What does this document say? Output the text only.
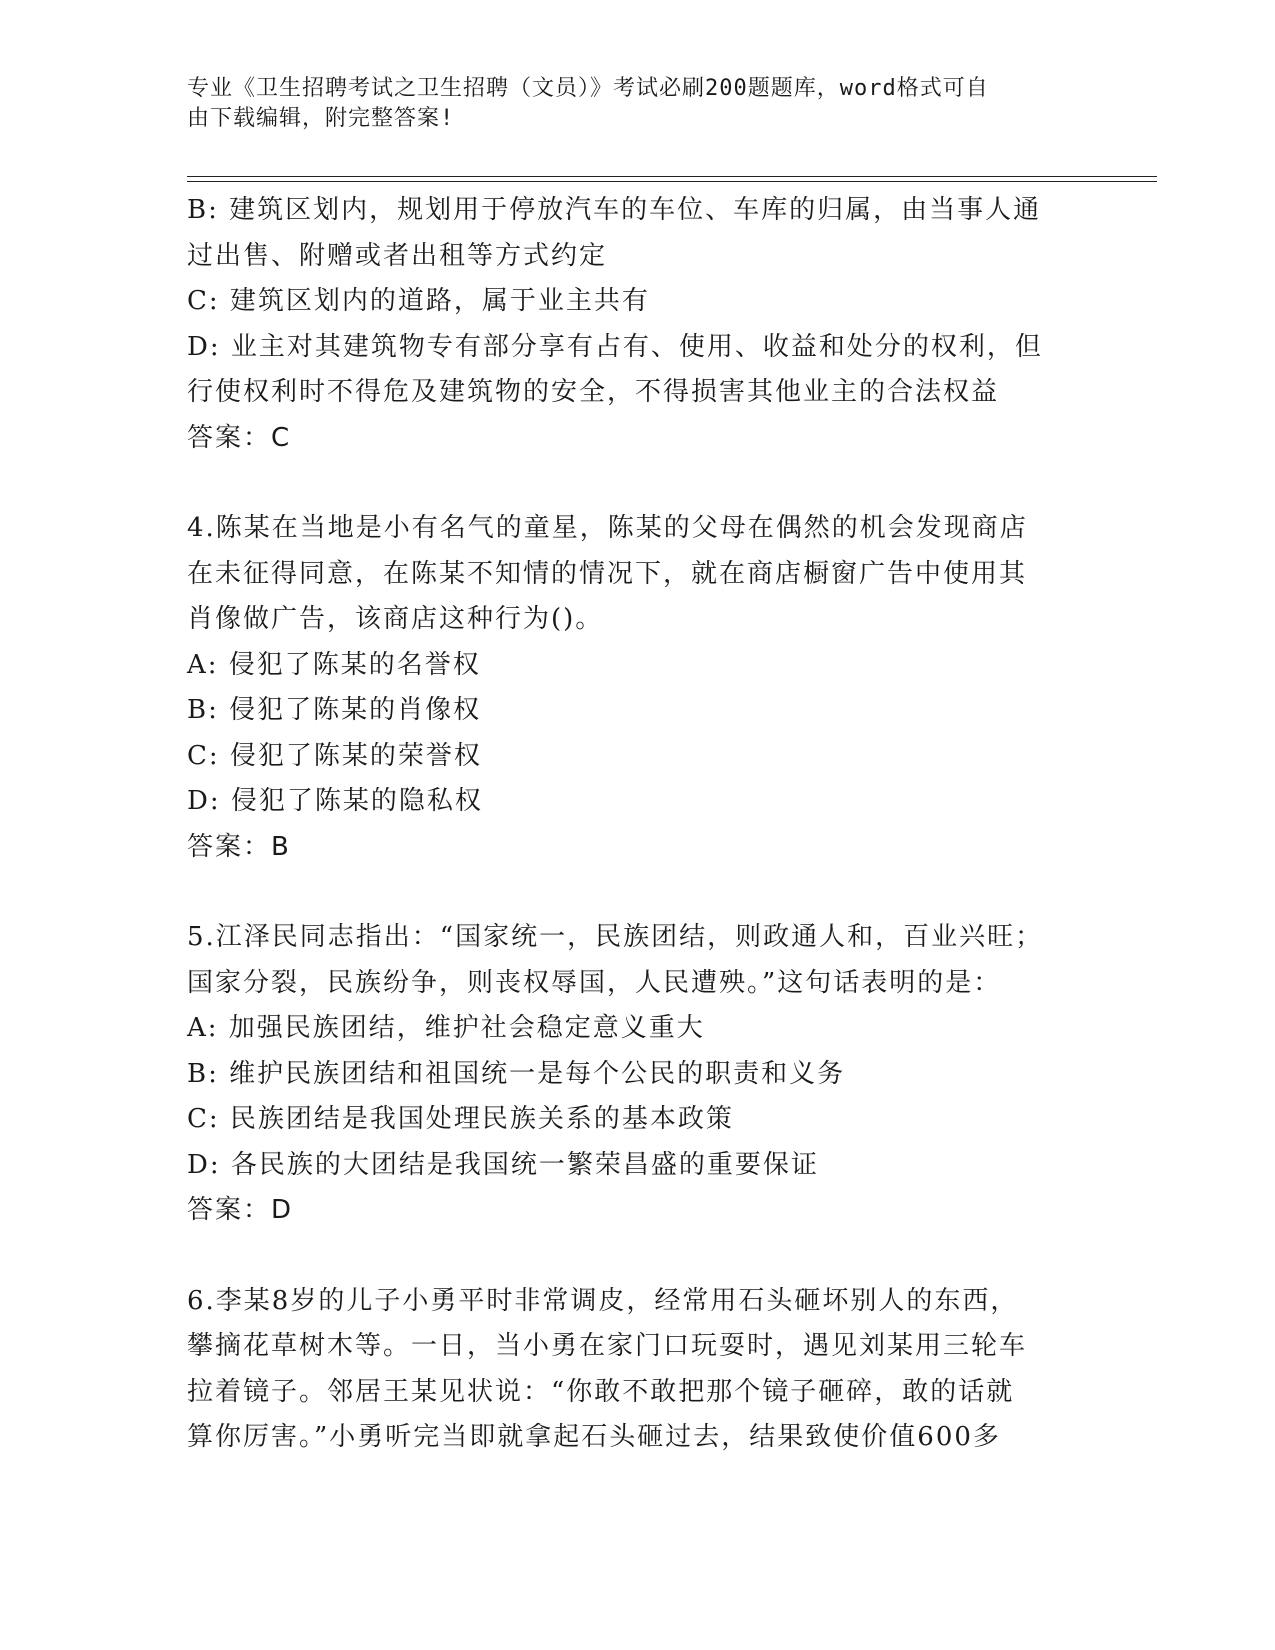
专业《卫生招聘考试之卫生招聘（文员）》考试必刷200题题库，word格式可自
由下载编辑，附完整答案!
B: 建筑区划内，规划用于停放汽车的车位、车库的归属，由当事人通
过出售、附赠或者出租等方式约定
C: 建筑区划内的道路，属于业主共有
D: 业主对其建筑物专有部分享有占有、使用、收益和处分的权利，但
行使权利时不得危及建筑物的安全，不得损害其他业主的合法权益
答案：C
4.陈某在当地是小有名气的童星，陈某的父母在偶然的机会发现商店
在未征得同意，在陈某不知情的情况下，就在商店橱窗广告中使用其
肖像做广告，该商店这种行为()。
A: 侵犯了陈某的名誉权
B: 侵犯了陈某的肖像权
C: 侵犯了陈某的荣誉权
D: 侵犯了陈某的隐私权
答案：B
5.江泽民同志指出：“国家统一，民族团结，则政通人和，百业兴旺；
国家分裂，民族纷争，则丧权辱国，人民遭殃。”这句话表明的是：
A: 加强民族团结，维护社会稳定意义重大
B: 维护民族团结和祖国统一是每个公民的职责和义务
C: 民族团结是我国处理民族关系的基本政策
D: 各民族的大团结是我国统一繁荣昌盛的重要保证
答案：D
6.李某8岁的儿子小勇平时非常调皮，经常用石头砸坏别人的东西，
攀摘花草树木等。一日，当小勇在家门口玩耍时，遇见刘某用三轮车
拉着镜子。邻居王某见状说：“你敢不敢把那个镜子砸碎，敢的话就
算你厉害。”小勇听完当即就拿起石头砸过去，结果致使价值600多
